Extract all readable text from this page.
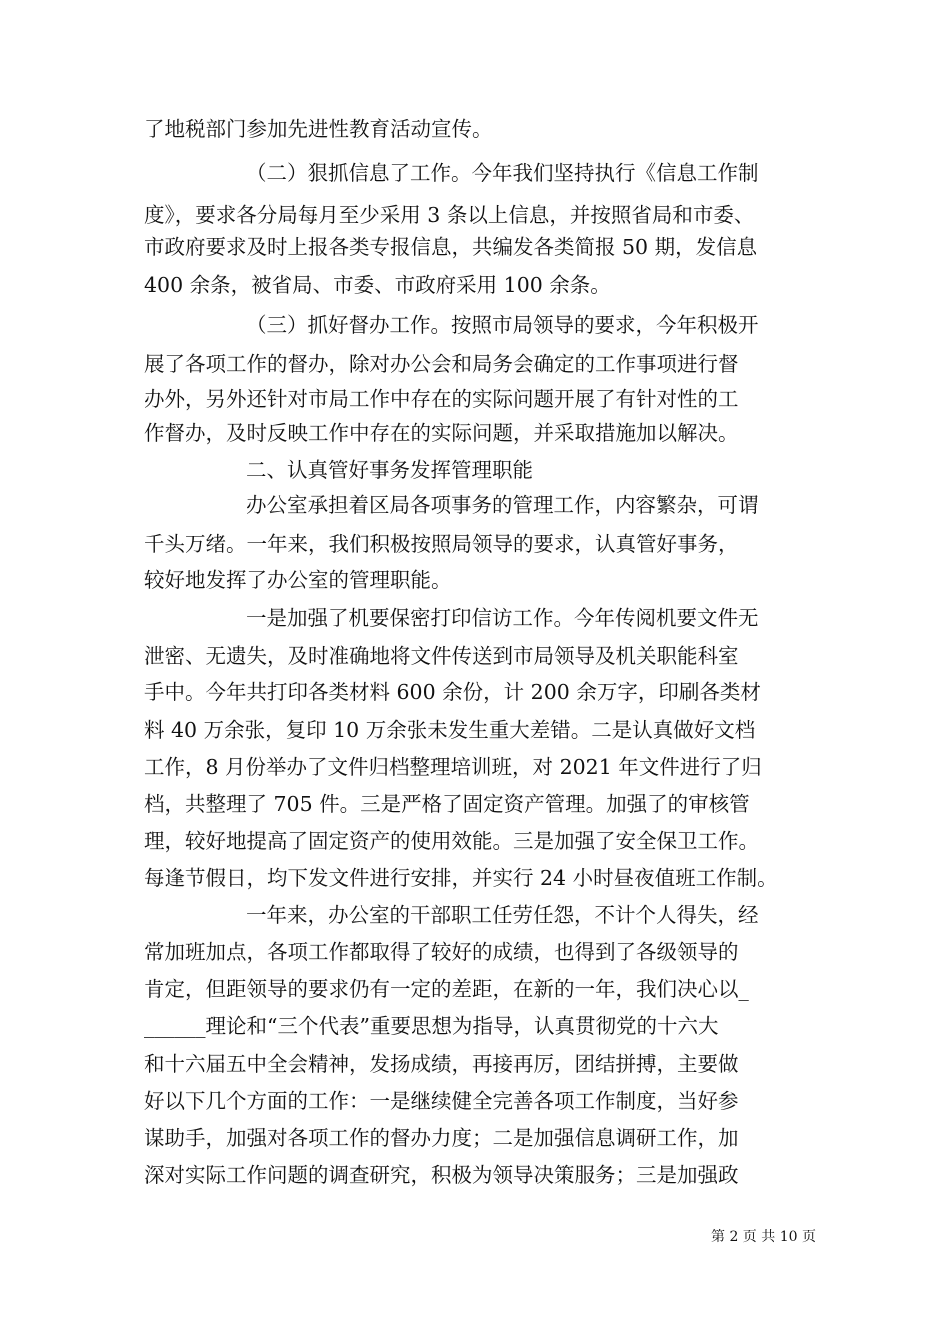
了地税部门参加先进性教育活动宣传。

（二）狠抓信息了工作。今年我们坚持执行《信息工作制

度》，要求各分局每月至少采用 3 条以上信息，并按照省局和市委、

市政府要求及时上报各类专报信息，共编发各类简报 50 期，发信息

400 余条，被省局、市委、市政府采用 100 余条。

（三）抓好督办工作。按照市局领导的要求，今年积极开

展了各项工作的督办，除对办公会和局务会确定的工作事项进行督

办外，另外还针对市局工作中存在的实际问题开展了有针对性的工

作督办，及时反映工作中存在的实际问题，并采取措施加以解决。

二、认真管好事务发挥管理职能

办公室承担着区局各项事务的管理工作，内容繁杂，可谓

千头万绪。一年来，我们积极按照局领导的要求，认真管好事务，

较好地发挥了办公室的管理职能。

一是加强了机要保密打印信访工作。今年传阅机要文件无

泄密、无遗失，及时准确地将文件传送到市局领导及机关职能科室

手中。今年共打印各类材料 600 余份，计 200 余万字，印刷各类材

料 40 万余张，复印 10 万余张未发生重大差错。二是认真做好文档

工作，8 月份举办了文件归档整理培训班，对 2021 年文件进行了归

档，共整理了 705 件。三是严格了固定资产管理。加强了的审核管

理，较好地提高了固定资产的使用效能。三是加强了安全保卫工作。

每逢节假日，均下发文件进行安排，并实行 24 小时昼夜值班工作制。

一年来，办公室的干部职工任劳任怨，不计个人得失，经

常加班加点，各项工作都取得了较好的成绩，也得到了各级领导的

肯定，但距领导的要求仍有一定的差距，在新的一年，我们决心以_

______理论和“三个代表”重要思想为指导，认真贯彻党的十六大

和十六届五中全会精神，发扬成绩，再接再厉，团结拼搏，主要做

好以下几个方面的工作：一是继续健全完善各项工作制度，当好参

谋助手，加强对各项工作的督办力度；二是加强信息调研工作，加

深对实际工作问题的调查研究，积极为领导决策服务；三是加强政

第 2 页 共 10 页
